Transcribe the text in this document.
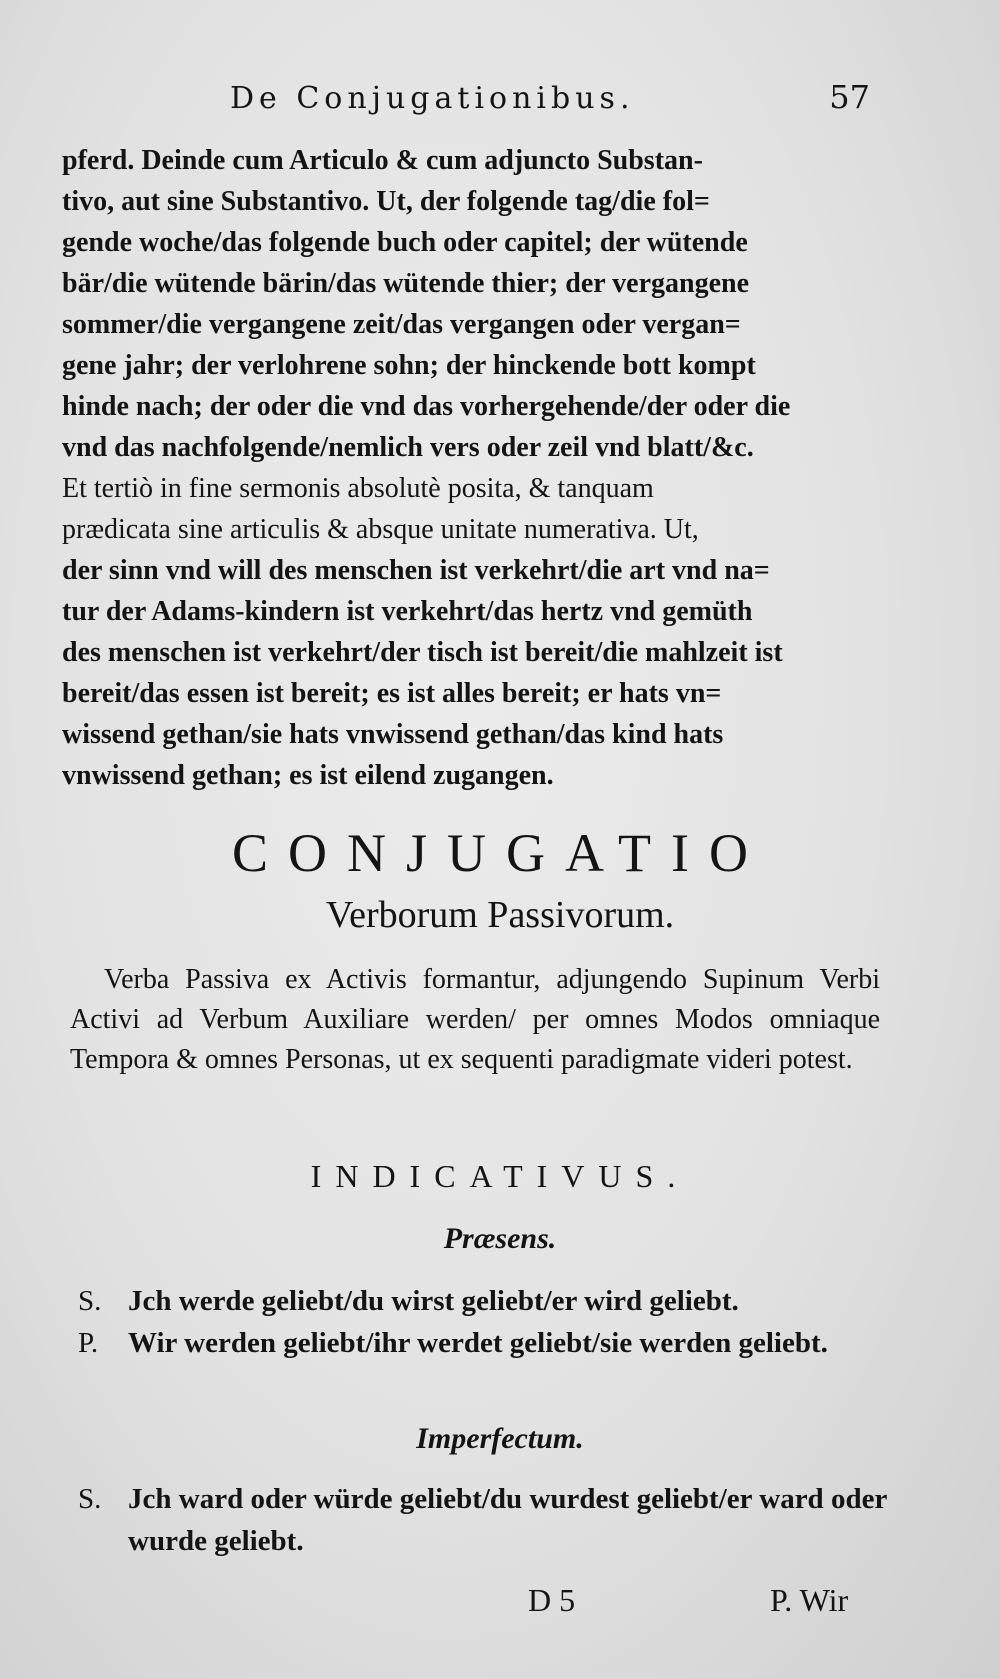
De Conjugationibus.	57

pferd. Deinde cum Articulo & cum adjuncto Substan-

tivo, aut sine Substantivo. Ut, der folgende tag/die fol=

gende woche/das folgende buch oder capitel; der wütende

bär/die wütende bärin/das wütende thier; der vergangene

sommer/die vergangene zeit/das vergangen oder vergan=

gene jahr; der verlohrene sohn; der hinckende bott kompt

hinde nach; der oder die vnd das vorhergehende/der oder die

vnd das nachfolgende/nemlich vers oder zeil vnd blatt/&c.

Et tertiò in fine sermonis absolutè posita, & tanquam

prædicata sine articulis & absque unitate numerativa. Ut,

der sinn vnd will des menschen ist verkehrt/die art vnd na=

tur der Adams-kindern ist verkehrt/das hertz vnd gemüth

des menschen ist verkehrt/der tisch ist bereit/die mahlzeit ist

bereit/das essen ist bereit; es ist alles bereit; er hats vn=

wissend gethan/sie hats vnwissend gethan/das kind hats

vnwissend gethan; es ist eilend zugangen.

CONJUGATIO
Verborum Passivorum.
Verba Passiva ex Activis formantur, adjungendo Supinum Verbi Activi ad Verbum Auxiliare werden/ per omnes Modos omniaque Tempora & omnes Personas, ut ex sequenti paradigmate videri potest.
INDICATIVUS.
Præsens.
S. Jch werde geliebt/du wirst geliebt/er wird geliebt.
P.	Wir werden geliebt/ihr werdet geliebt/sie werden geliebt.
Imperfectum.
S. Jch ward oder würde geliebt/du wurdest geliebt/er ward oder wurde geliebt.
D 5	P. Wir
